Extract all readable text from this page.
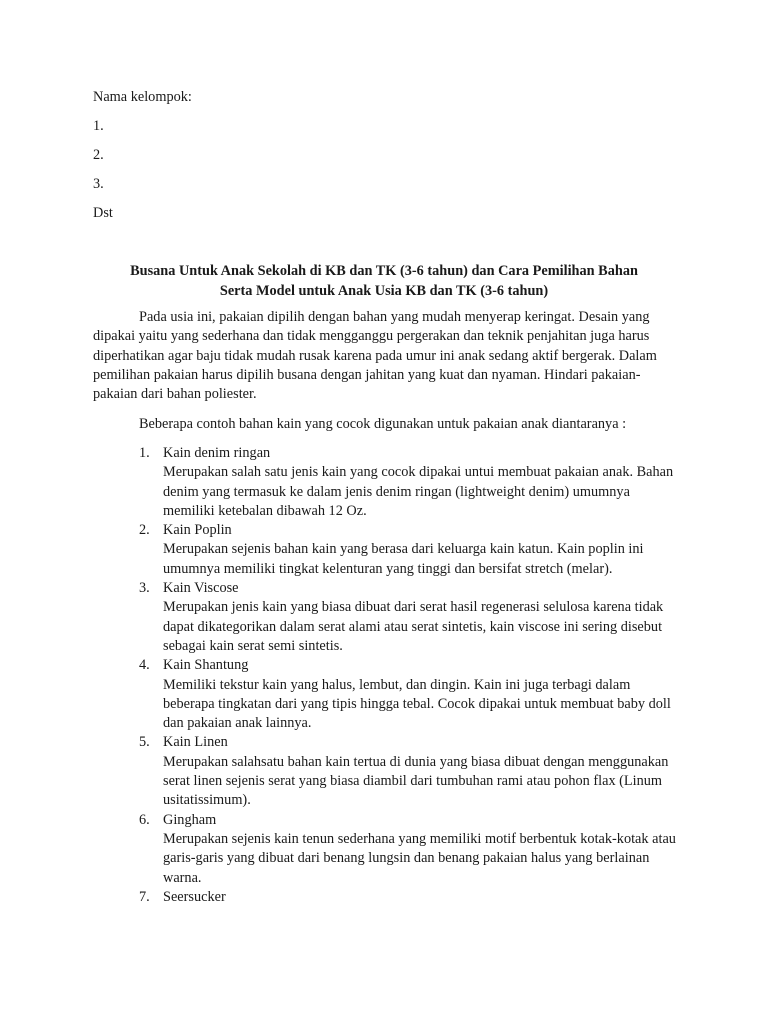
Nama kelompok:
1.
2.
3.
Dst
Busana Untuk Anak Sekolah di KB dan TK (3-6 tahun) dan Cara Pemilihan Bahan
Serta Model untuk Anak Usia KB dan TK (3-6 tahun)

Pada usia ini, pakaian dipilih dengan bahan yang mudah menyerap keringat. Desain yang dipakai yaitu yang sederhana dan tidak mengganggu pergerakan dan teknik penjahitan juga harus diperhatikan agar baju tidak mudah rusak karena pada umur ini anak sedang aktif bergerak. Dalam pemilihan pakaian harus dipilih busana dengan jahitan yang kuat dan nyaman. Hindari pakaian-pakaian dari bahan poliester.

Beberapa contoh bahan kain yang cocok digunakan untuk pakaian anak diantaranya :
1. Kain denim ringan
Merupakan salah satu jenis kain yang cocok dipakai untui membuat pakaian anak. Bahan denim yang termasuk ke dalam jenis denim ringan (lightweight denim) umumnya memiliki ketebalan dibawah 12 Oz.
2. Kain Poplin
Merupakan sejenis bahan kain yang berasa dari keluarga kain katun. Kain poplin ini umumnya memiliki tingkat kelenturan yang tinggi dan bersifat stretch (melar).
3. Kain Viscose
Merupakan jenis kain yang biasa dibuat dari serat hasil regenerasi selulosa karena tidak dapat dikategorikan dalam serat alami atau serat sintetis, kain viscose ini sering disebut sebagai kain serat semi sintetis.
4. Kain Shantung
Memiliki tekstur kain yang halus, lembut, dan dingin. Kain ini juga terbagi dalam beberapa tingkatan dari yang tipis hingga tebal. Cocok dipakai untuk membuat baby doll dan pakaian anak lainnya.
5. Kain Linen
Merupakan salahsatu bahan kain tertua di dunia yang biasa dibuat dengan menggunakan serat linen sejenis serat yang biasa diambil dari tumbuhan rami atau pohon flax (Linum usitatissimum).
6. Gingham
Merupakan sejenis kain tenun sederhana yang memiliki motif berbentuk kotak-kotak atau garis-garis yang dibuat dari benang lungsin dan benang pakaian halus yang berlainan warna.
7. Seersucker
